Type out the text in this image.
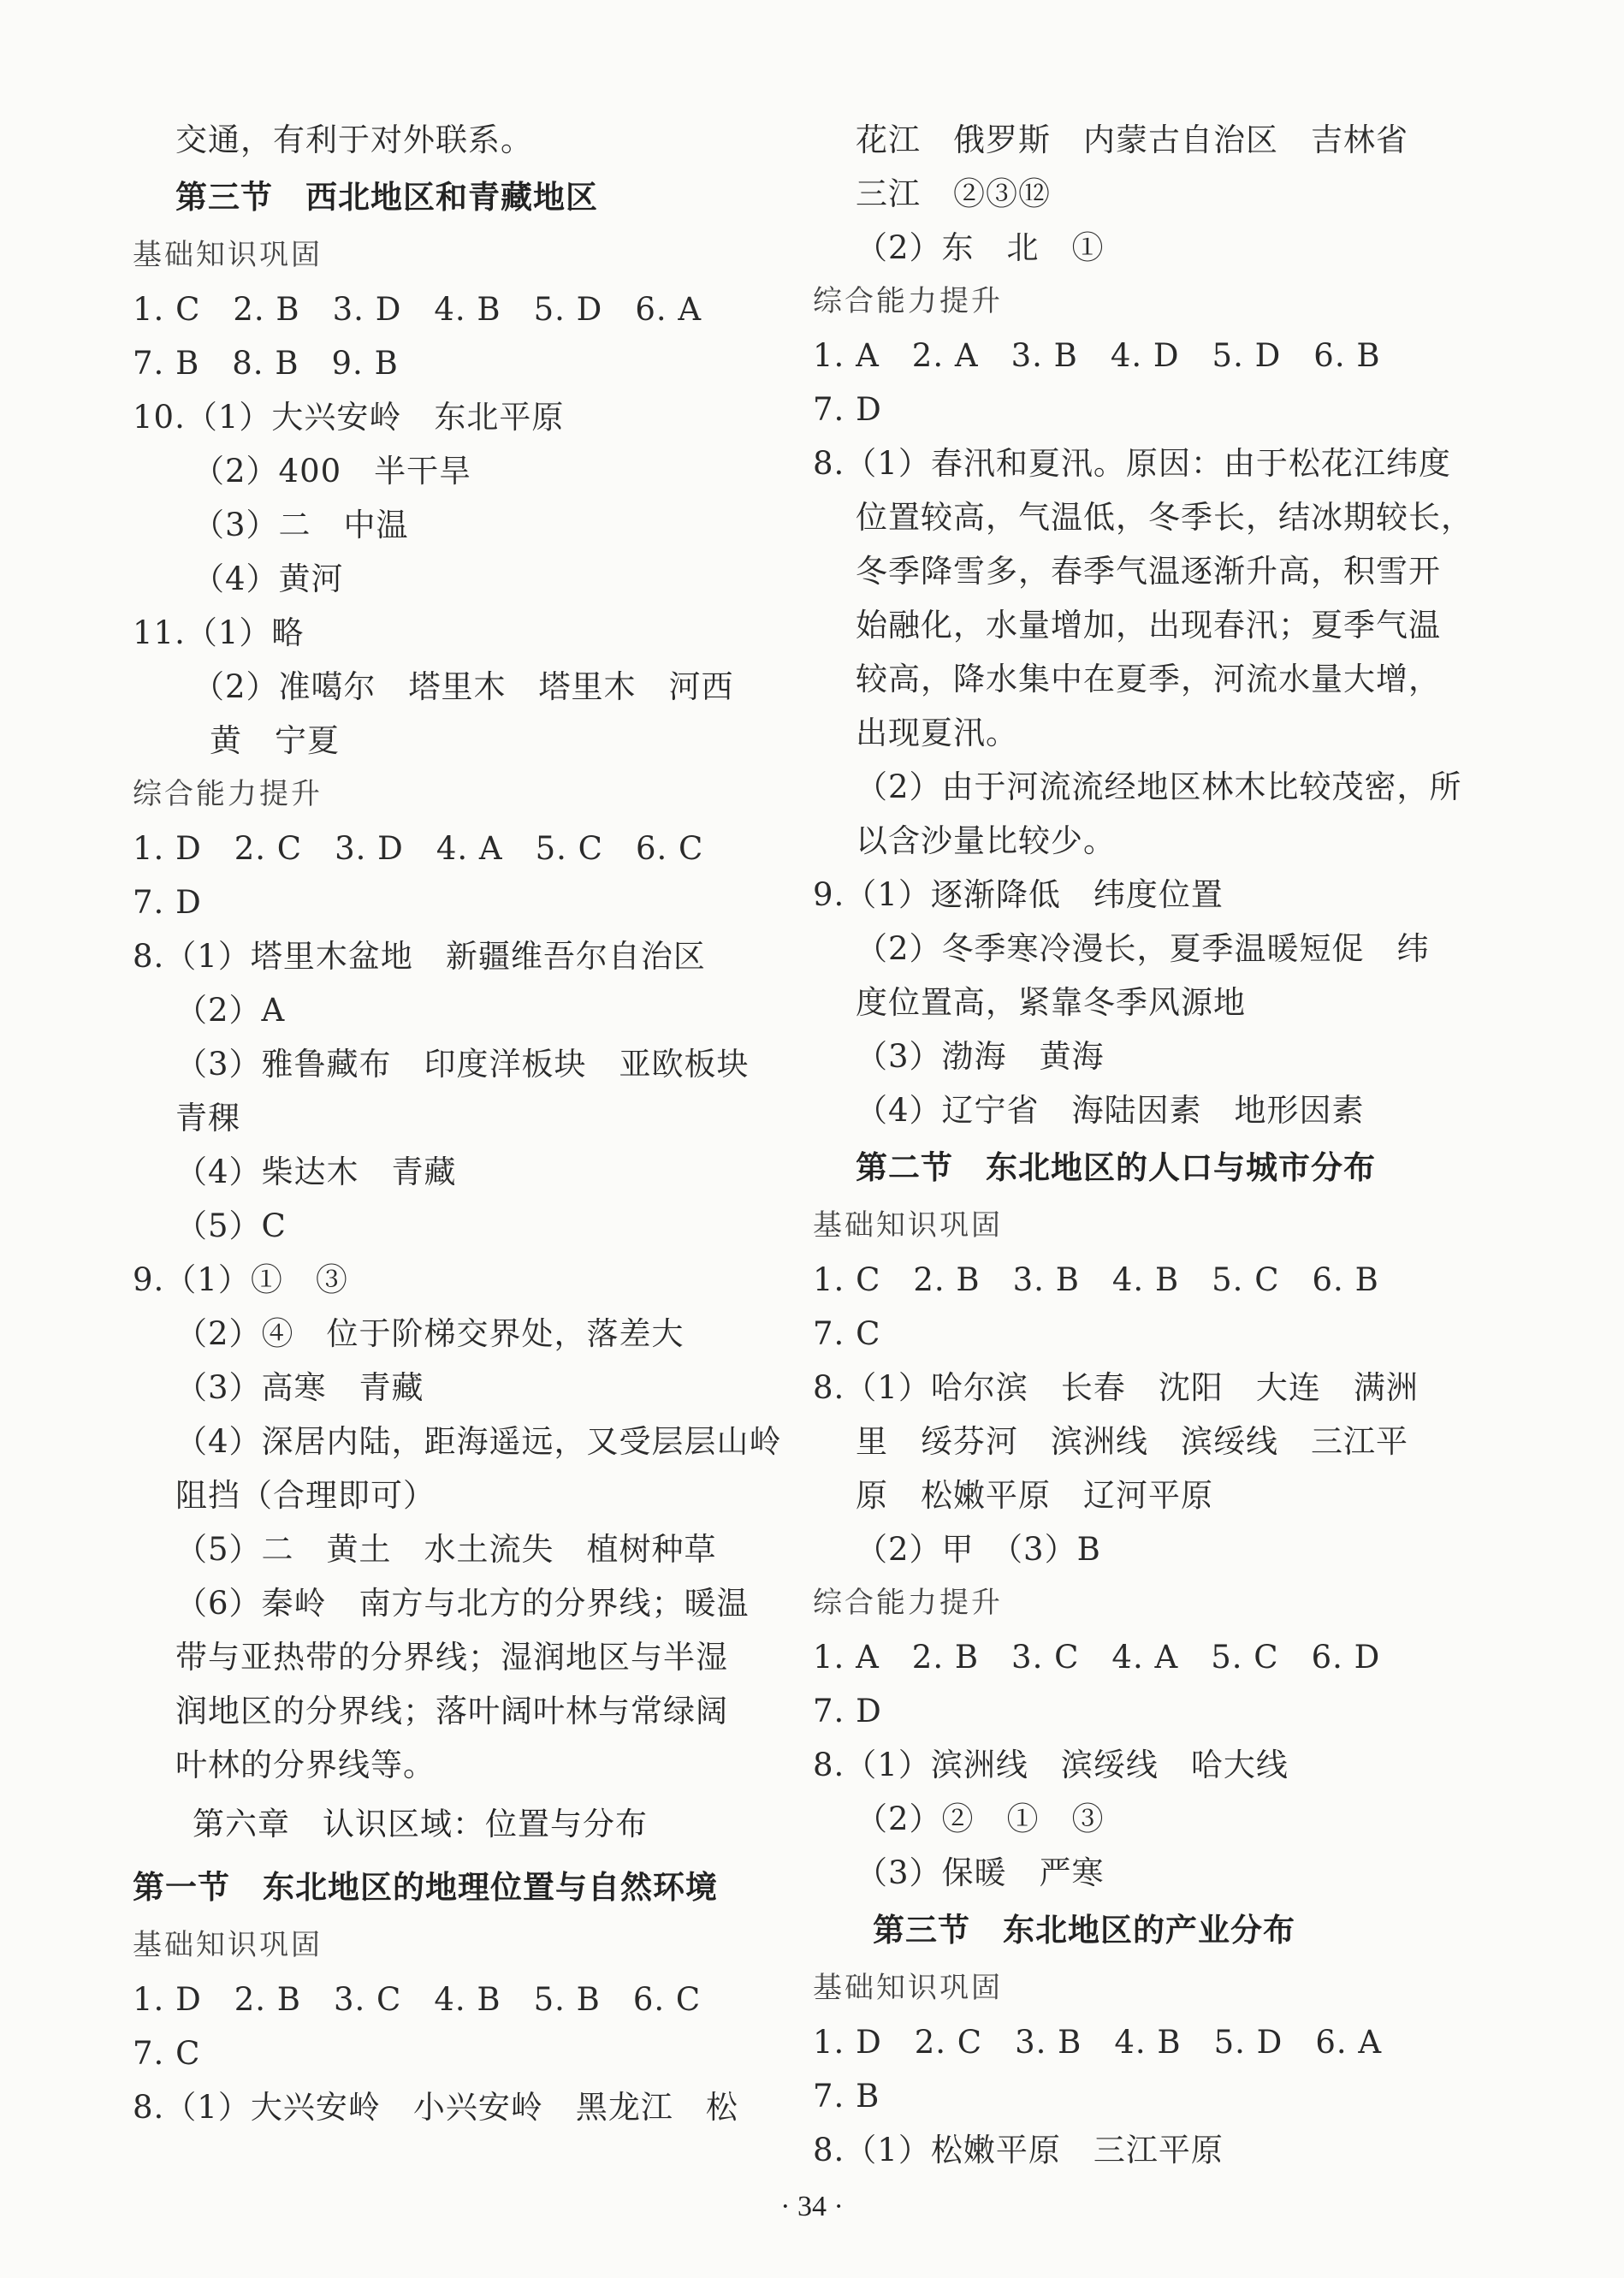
交通，有利于对外联系。
第三节　西北地区和青藏地区
基础知识巩固
1. C　2. B　3. D　4. B　5. D　6. A
7. B　8. B　9. B
10.（1）大兴安岭　东北平原
（2）400　半干旱
（3）二　中温
（4）黄河
11.（1）略
（2）准噶尔　塔里木　塔里木　河西
黄　宁夏
综合能力提升
1. D　2. C　3. D　4. A　5. C　6. C
7. D
8.（1）塔里木盆地　新疆维吾尔自治区
（2）A
（3）雅鲁藏布　印度洋板块　亚欧板块
青稞
（4）柴达木　青藏
（5）C
9.（1）①　③
（2）④　位于阶梯交界处，落差大
（3）高寒　青藏
（4）深居内陆，距海遥远，又受层层山岭
阻挡（合理即可）
（5）二　黄土　水土流失　植树种草
（6）秦岭　南方与北方的分界线；暖温
带与亚热带的分界线；湿润地区与半湿
润地区的分界线；落叶阔叶林与常绿阔
叶林的分界线等。
第六章　认识区域：位置与分布
第一节　东北地区的地理位置与自然环境
基础知识巩固
1. D　2. B　3. C　4. B　5. B　6. C
7. C
8.（1）大兴安岭　小兴安岭　黑龙江　松
花江　俄罗斯　内蒙古自治区　吉林省
三江　②③⑫
（2）东　北　①
综合能力提升
1. A　2. A　3. B　4. D　5. D　6. B
7. D
8.（1）春汛和夏汛。原因：由于松花江纬度
位置较高，气温低，冬季长，结冰期较长，
冬季降雪多，春季气温逐渐升高，积雪开
始融化，水量增加，出现春汛；夏季气温
较高，降水集中在夏季，河流水量大增，
出现夏汛。
（2）由于河流流经地区林木比较茂密，所
以含沙量比较少。
9.（1）逐渐降低　纬度位置
（2）冬季寒冷漫长，夏季温暖短促　纬
度位置高，紧靠冬季风源地
（3）渤海　黄海
（4）辽宁省　海陆因素　地形因素
第二节　东北地区的人口与城市分布
基础知识巩固
1. C　2. B　3. B　4. B　5. C　6. B
7. C
8.（1）哈尔滨　长春　沈阳　大连　满洲
里　绥芬河　滨洲线　滨绥线　三江平
原　松嫩平原　辽河平原
（2）甲　（3）B
综合能力提升
1. A　2. B　3. C　4. A　5. C　6. D
7. D
8.（1）滨洲线　滨绥线　哈大线
（2）②　①　③
（3）保暖　严寒
第三节　东北地区的产业分布
基础知识巩固
1. D　2. C　3. B　4. B　5. D　6. A
7. B
8.（1）松嫩平原　三江平原
· 34 ·
